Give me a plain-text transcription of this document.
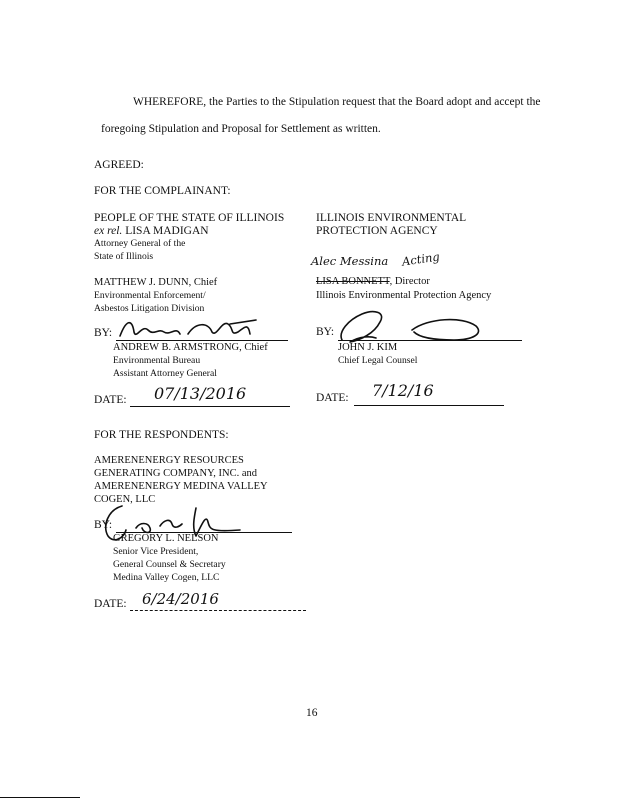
WHEREFORE, the Parties to the Stipulation request that the Board adopt and accept the
foregoing Stipulation and Proposal for Settlement as written.
AGREED:
FOR THE COMPLAINANT:
PEOPLE OF THE STATE OF ILLINOIS
ex rel. LISA MADIGAN
Attorney General of the
State of Illinois
MATTHEW J. DUNN, Chief
Environmental Enforcement/
Asbestos Litigation Division
BY:
ANDREW B. ARMSTRONG, Chief
Environmental Bureau
Assistant Attorney General
DATE: 07/13/2016
ILLINOIS ENVIRONMENTAL
PROTECTION AGENCY
Alec Messina Acting
LISA BONNETT, Director
Illinois Environmental Protection Agency
BY:
JOHN J. KIM
Chief Legal Counsel
DATE: 7/12/16
FOR THE RESPONDENTS:
AMERENENERGY RESOURCES
GENERATING COMPANY, INC. and
AMERENENERGY MEDINA VALLEY
COGEN, LLC
BY:
GREGORY L. NELSON
Senior Vice President,
General Counsel & Secretary
Medina Valley Cogen, LLC
DATE: 6/24/2016
16
